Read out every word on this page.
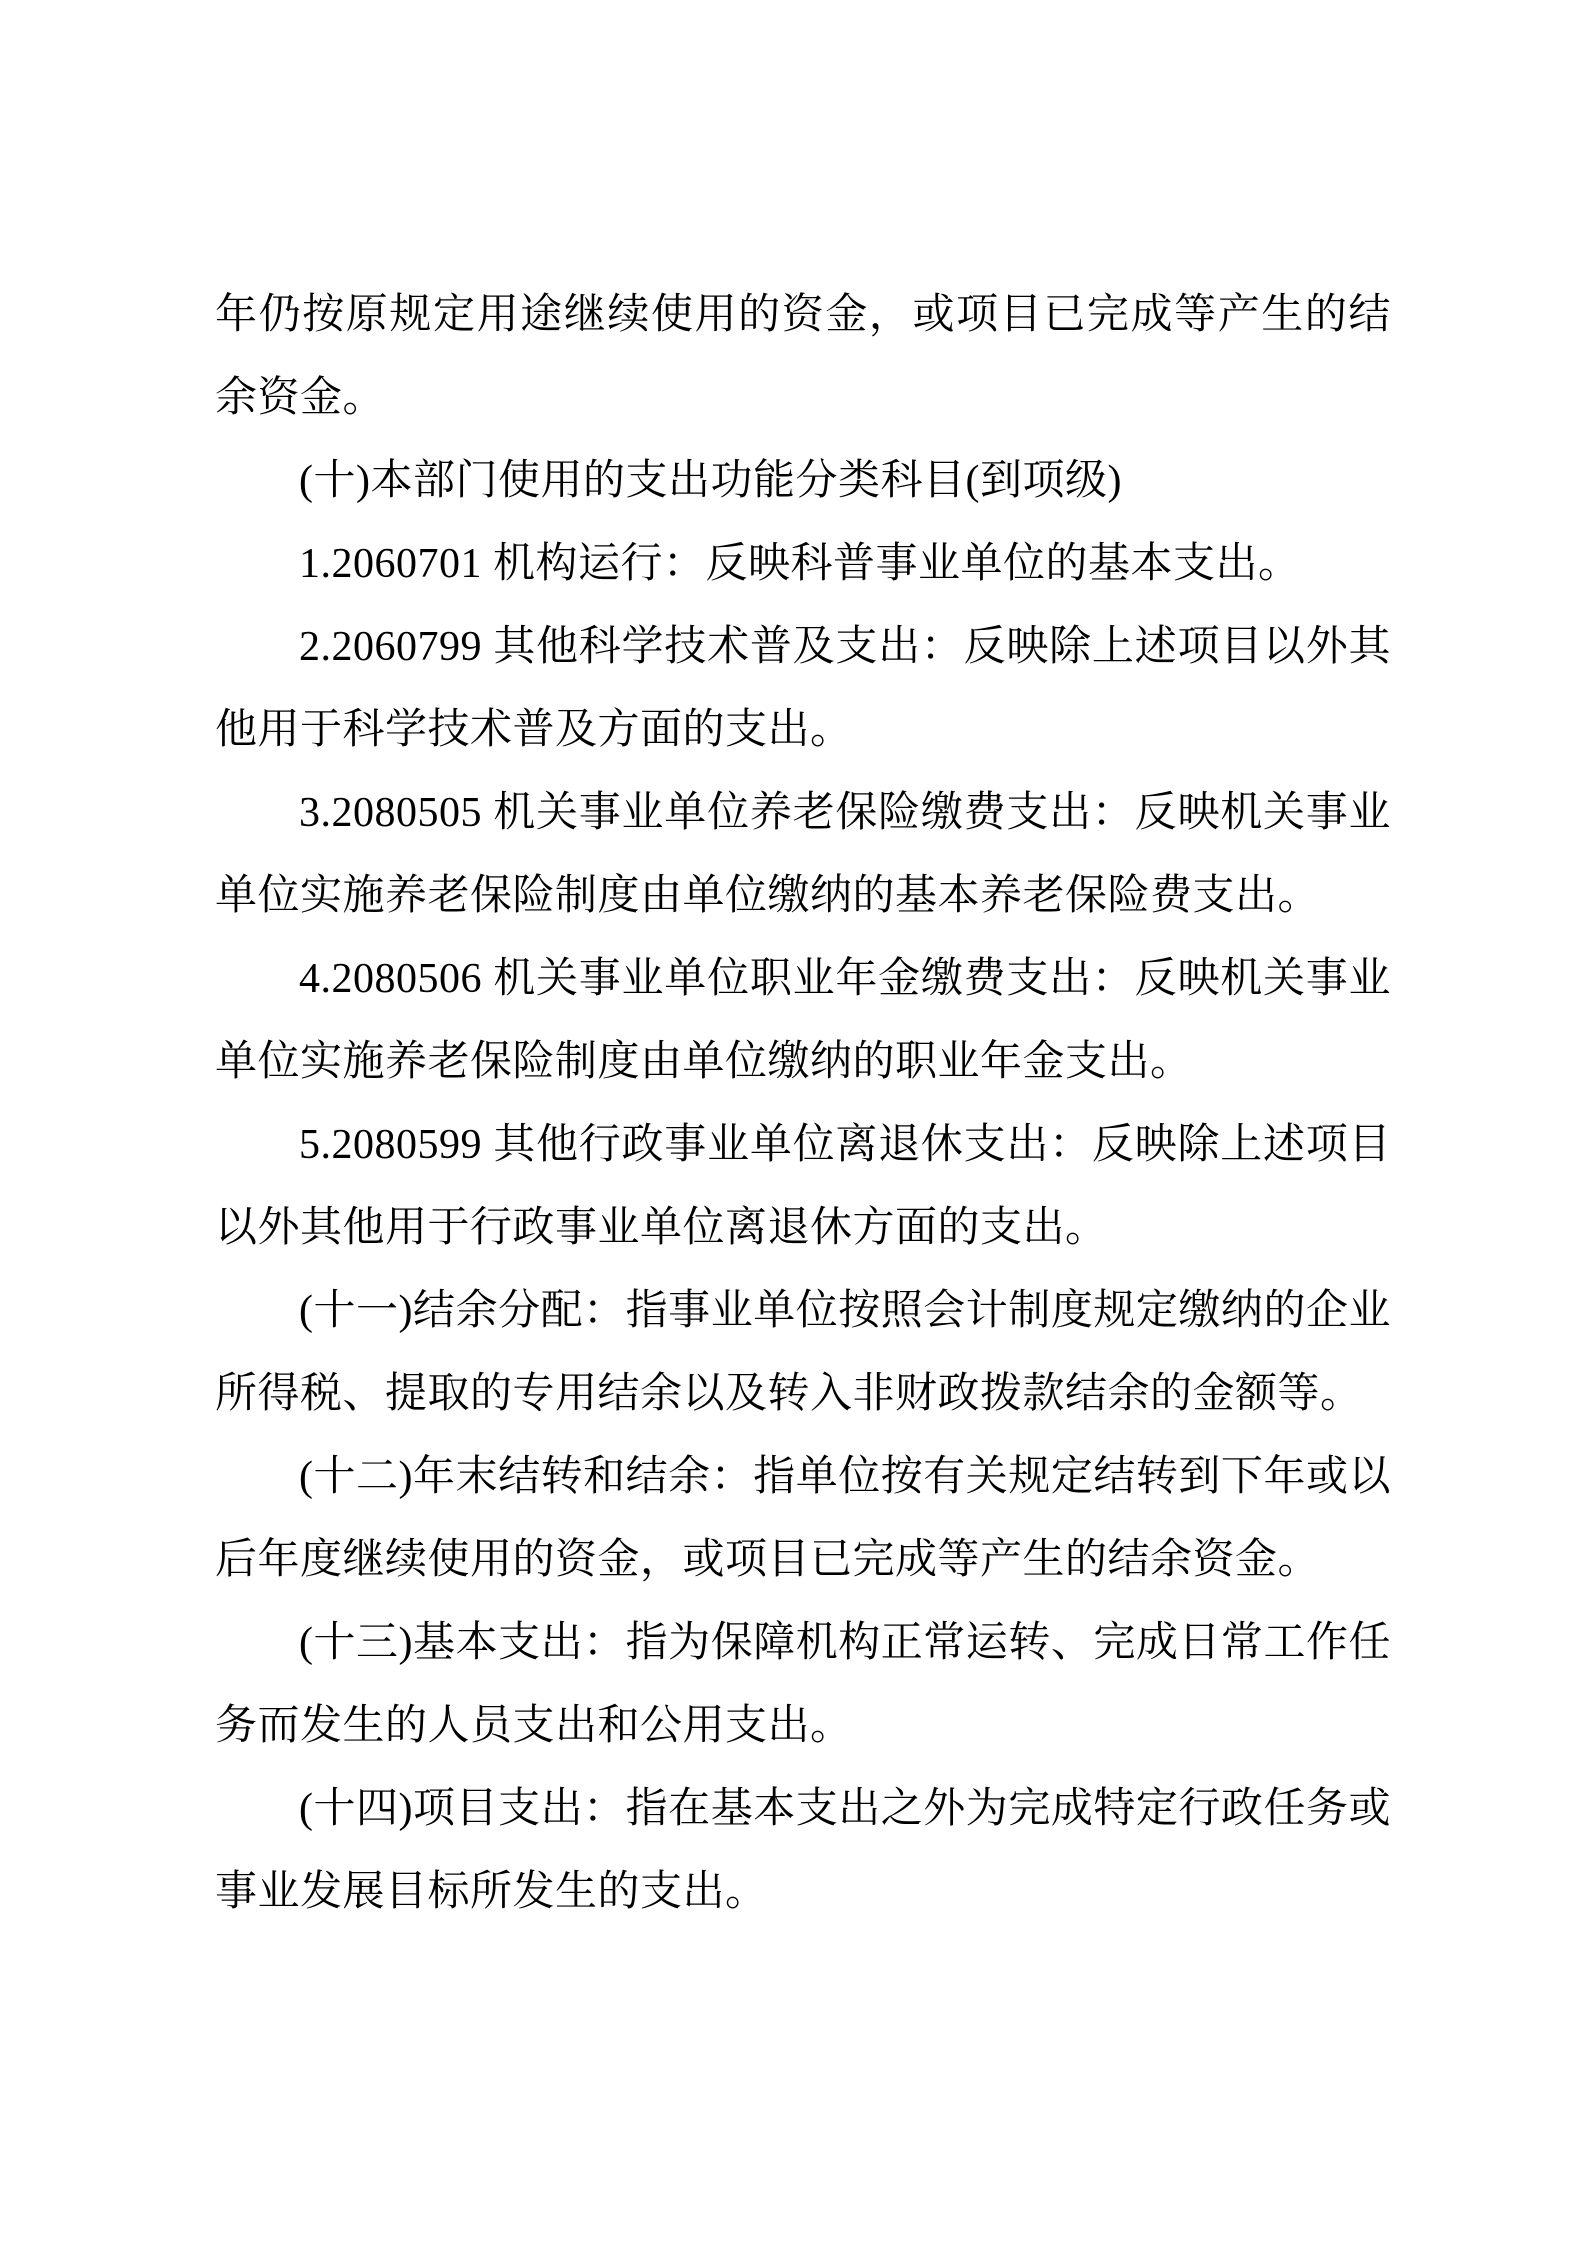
年仍按原规定用途继续使用的资金，或项目已完成等产生的结余资金。

(十)本部门使用的支出功能分类科目(到项级)

1.2060701 机构运行：反映科普事业单位的基本支出。

2.2060799 其他科学技术普及支出：反映除上述项目以外其他用于科学技术普及方面的支出。

3.2080505 机关事业单位养老保险缴费支出：反映机关事业单位实施养老保险制度由单位缴纳的基本养老保险费支出。

4.2080506 机关事业单位职业年金缴费支出：反映机关事业单位实施养老保险制度由单位缴纳的职业年金支出。

5.2080599 其他行政事业单位离退休支出：反映除上述项目以外其他用于行政事业单位离退休方面的支出。

(十一)结余分配：指事业单位按照会计制度规定缴纳的企业所得税、提取的专用结余以及转入非财政拨款结余的金额等。

(十二)年末结转和结余：指单位按有关规定结转到下年或以后年度继续使用的资金，或项目已完成等产生的结余资金。

(十三)基本支出：指为保障机构正常运转、完成日常工作任务而发生的人员支出和公用支出。

(十四)项目支出：指在基本支出之外为完成特定行政任务或事业发展目标所发生的支出。
